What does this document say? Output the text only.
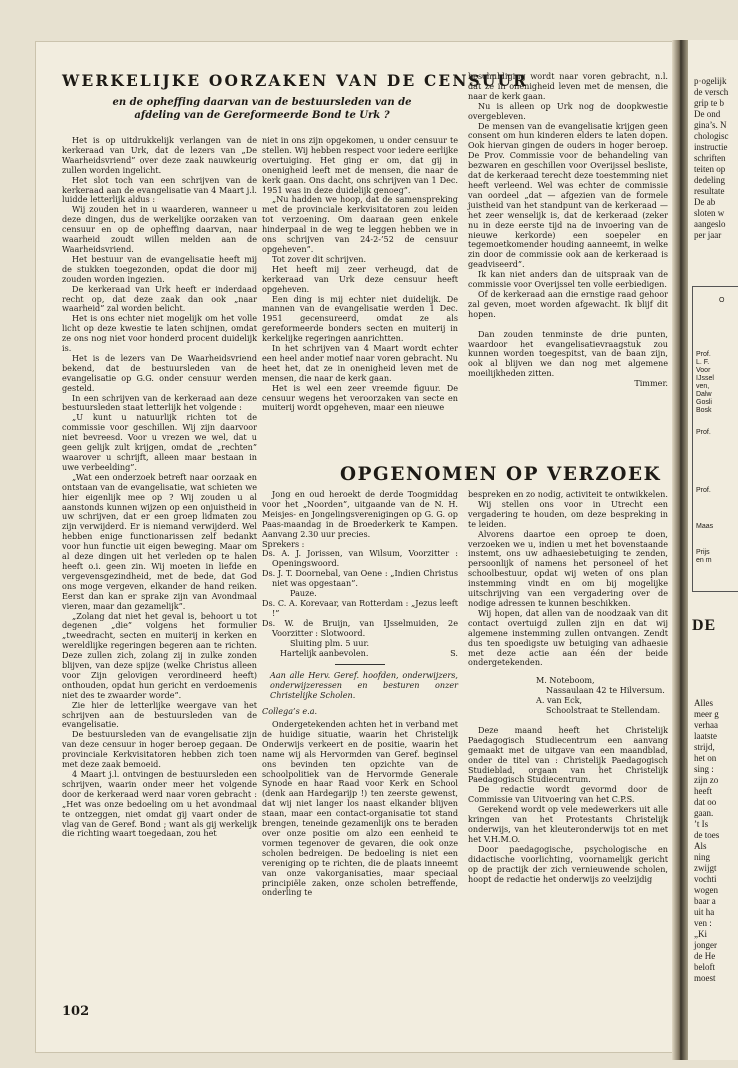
p·ogelijk
de versch
grip te b
De ond
gina’s. N
chologisc
instructie
schriften
teiten op
dedeling
resultate
De ab
sloten w
aangeslo
per jaar
O
Prof.
L. F.
Voor
IJssel
ven,
Dalw
Gosli
Bosk
Prof.
Prof.
Maas
Prijs
en m
DE
Alles
meer g
verhaa
laatste
strijd,
het on
sing :
zijn zo
heeft
dat oo
gaan.
’t Is
de toes
Als
ning
zwijgt
vochti
wogen
baar a
uit ha
ven :
„Ki
jonger
de He
beloft
moest
WERKELIJKE OORZAKEN VAN DE CENSUUR
en de opheffing daarvan van de bestuursleden van de
afdeling van de Gereformeerde Bond te Urk ?

Het is op uitdrukkelijk verlangen van de kerkeraad van Urk, dat de lezers van „De Waarheidsvriend” over deze zaak nauwkeurig zullen worden ingelicht.

Het slot toch van een schrijven van de kerkeraad aan de evangelisatie van 4 Maart j.l. luidde letterlijk aldus :

Wij zouden het in u waarderen, wanneer u deze dingen, dus de werkelijke oorzaken van censuur en op de opheffing daarvan, naar waarheid zoudt willen melden aan de Waarheidsvriend.

Het bestuur van de evangelisatie heeft mij de stukken toegezonden, opdat die door mij zouden worden ingezien.

De kerkeraad van Urk heeft er inderdaad recht op, dat deze zaak dan ook „naar waarheid” zal worden belicht.

Het is ons echter niet mogelijk om het volle licht op deze kwestie te laten schijnen, omdat ze ons nog niet voor honderd procent duidelijk is.

Het is de lezers van De Waarheidsvriend bekend, dat de bestuursleden van de evangelisatie op G.G. onder censuur werden gesteld.

In een schrijven van de kerkeraad aan deze bestuursleden staat letterlijk het volgende :

„U kunt u natuurlijk richten tot de commissie voor geschillen. Wij zijn daarvoor niet bevreesd. Voor u vrezen we wel, dat u geen gelijk zult krijgen, omdat de „rechten” waarover u schrijft, alleen maar bestaan in uwe verbeelding”.

„Wat een onderzoek betreft naar oorzaak en ontstaan van de evangelisatie, wat schieten we hier eigenlijk mee op ? Wij zouden u al aanstonds kunnen wijzen op een onjuistheid in uw schrijven, dat er een groep lidmaten zou zijn verwijderd. Er is niemand verwijderd. Wel hebben enige functionarissen zelf bedankt voor hun functie uit eigen beweging. Maar om al deze dingen uit het verleden op te halen heeft o.i. geen zin. Wij moeten in liefde en vergevensgezindheid, met de bede, dat God ons moge vergeven, elkander de hand reiken. Eerst dan kan er sprake zijn van Avondmaal vieren, maar dan gezamelijk”.

„Zolang dat niet het geval is, behoort u tot degenen „die” volgens het formulier „tweedracht, secten en muiterij in kerken en wereldlijke regeringen begeren aan te richten. Deze zullen zich, zolang zij in zulke zonden blijven, van deze spijze (welke Christus alleen voor Zijn gelovigen verordineerd heeft) onthouden, opdat hun gericht en verdoemenis niet des te zwaarder worde”.

Zie hier de letterlijke weergave van het schrijven aan de bestuursleden van de evangelisatie.

De bestuursleden van de evangelisatie zijn van deze censuur in hoger beroep gegaan. De provinciale Kerkvisitatoren hebben zich toen met deze zaak bemoeid.

4 Maart j.l. ontvingen de bestuursleden een schrijven, waarin onder meer het volgende door de kerkeraad werd naar voren gebracht : „Het was onze bedoeling om u het avondmaal te ontzeggen, niet omdat gij vaart onder de vlag van de Geref. Bond ; want als gij werkelijk die richting waart toegedaan, zou het

niet in ons zijn opgekomen, u onder censuur te stellen. Wij hebben respect voor iedere eerlijke overtuiging. Het ging er om, dat gij in onenigheid leeft met de mensen, die naar de kerk gaan. Ons dacht, ons schrijven van 1 Dec. 1951 was in deze duidelijk genoeg”.

„Nu hadden we hoop, dat de samenspreking met de provinciale kerkvisitatoren zou leiden tot verzoening. Om daaraan geen enkele hinderpaal in de weg te leggen hebben we in ons schrijven van 24-2-’52 de censuur opgeheven”.

Tot zover dit schrijven.

Het heeft mij zeer verheugd, dat de kerkeraad van Urk deze censuur heeft opgeheven.

Een ding is mij echter niet duidelijk. De mannen van de evangelisatie werden 1 Dec. 1951 gecensureerd, omdat ze als gereformeerde bonders secten en muiterij in kerkelijke regeringen aanrichtten.

In het schrijven van 4 Maart wordt echter een heel ander motief naar voren gebracht. Nu heet het, dat ze in onenigheid leven met de mensen, die naar de kerk gaan.

Het is wel een zeer vreemde figuur. De censuur wegens het veroorzaken van secte en muiterij wordt opgeheven, maar een nieuwe

beschuldiging wordt naar voren gebracht, n.l. dat ze in onenigheid leven met de mensen, die naar de kerk gaan.

Nu is alleen op Urk nog de doopkwestie overgebleven.

De mensen van de evangelisatie krijgen geen consent om hun kinderen elders te laten dopen. Ook hiervan gingen de ouders in hoger beroep. De Prov. Commissie voor de behandeling van bezwaren en geschillen voor Overijssel besliste, dat de kerkeraad terecht deze toestemming niet heeft verleend. Wel was echter de commissie van oordeel „dat — afgezien van de formele juistheid van het standpunt van de kerkeraad — het zeer wenselijk is, dat de kerkeraad (zeker nu in deze eerste tijd na de invoering van de nieuwe kerkorde) een soepeler en tegemoetkomender houding aanneemt, in welke zin door de commissie ook aan de kerkeraad is geadviseerd”.

Ik kan niet anders dan de uitspraak van de commissie voor Overijssel ten volle eerbiedigen.

Of de kerkeraad aan die ernstige raad gehoor zal geven, moet worden afgewacht. Ik blijf dit hopen.

Dan zouden tenminste de drie punten, waardoor het evangelisatievraagstuk zou kunnen worden toegespitst, van de baan zijn, ook al blijven we dan nog met algemene moeilijkheden zitten.

Timmer.

OPGENOMEN OP VERZOEK

Jong en oud heroekt de derde Toogmiddag voor het „Noorden”, uitgaande van de N. H. Meisjes- en Jongelingsverenigingen op G. G. op Paas-maandag in de Broederkerk te Kampen. Aanvang 2.30 uur precies.

Sprekers :

Ds. A. J. Jorissen, van Wilsum, Voorzitter : Openingswoord.

Ds. J. T. Doornebal, van Oene : „Indien Christus niet was opgestaan”.

Pauze.

Ds. C. A. Korevaar, van Rotterdam : „Jezus leeft !”

Ds. W. de Bruijn, van IJsselmuiden, 2e Voorzitter : Slotwoord.

Sluiting plm. 5 uur.

Hartelijk aanbevolen.	S.

Aan alle Herv. Geref. hoofden, onderwijzers, onderwijzeressen en besturen onzer Christelijke Scholen.

Collega’s e.a.

Ondergetekenden achten het in verband met de huidige situatie, waarin het Christelijk Onderwijs verkeert en de positie, waarin het name wij als Hervormden van Geref. beginsel ons bevinden ten opzichte van de schoolpolitiek van de Hervormde Generale Synode en haar Raad voor Kerk en School (denk aan Hardegarijp !) ten zeerste gewenst, dat wij niet langer los naast elkander blijven staan, maar een contact-organisatie tot stand brengen, teneinde gezamenlijk ons te beraden over onze positie om alzo een eenheid te vormen tegenover de gevaren, die ook onze scholen bedreigen. De bedoeling is niet een vereniging op te richten, die de plaats inneemt van onze vakorganisaties, maar speciaal principiële zaken, onze scholen betreffende, onderling te

bespreken en zo nodig, activiteit te ontwikkelen.

Wij stellen ons voor in Utrecht een vergadering te houden, om deze bespreking in te leiden.

Alvorens daartoe een oproep te doen, verzoeken we u, indien u met het bovenstaande instemt, ons uw adhaesiebetuiging te zenden, persoonlijk of namens het personeel of het schoolbestuur, opdat wij weten of ons plan instemming vindt en om bij mogelijke uitschrijving van een vergadering over de nodige adressen te kunnen beschikken.

Wij hopen, dat allen van de noodzaak van dit contact overtuigd zullen zijn en dat wij algemene instemming zullen ontvangen. Zendt dus ten spoedigste uw betuiging van adhaesie met deze actie aan één der beide ondergetekenden.

M. Noteboom,

Nassaulaan 42 te Hilversum.

A. van Eck,

Schoolstraat te Stellendam.

Deze maand heeft het Christelijk Paedagogisch Studiecentrum een aanvang gemaakt met de uitgave van een maandblad, onder de titel van : Christelijk Paedagogisch Studieblad, orgaan van het Christelijk Paedagogisch Studiecentrum.

De redactie wordt gevormd door de Commissie van Uitvoering van het C.P.S.

Gerekend wordt op vele medewerkers uit alle kringen van het Protestants Christelijk onderwijs, van het kleuteronderwijs tot en met het V.H.M.O.

Door paedagogische, psychologische en didactische voorlichting, voornamelijk gericht op de practijk der zich vernieuwende scholen, hoopt de redactie het onderwijs zo veelzijdig

102
